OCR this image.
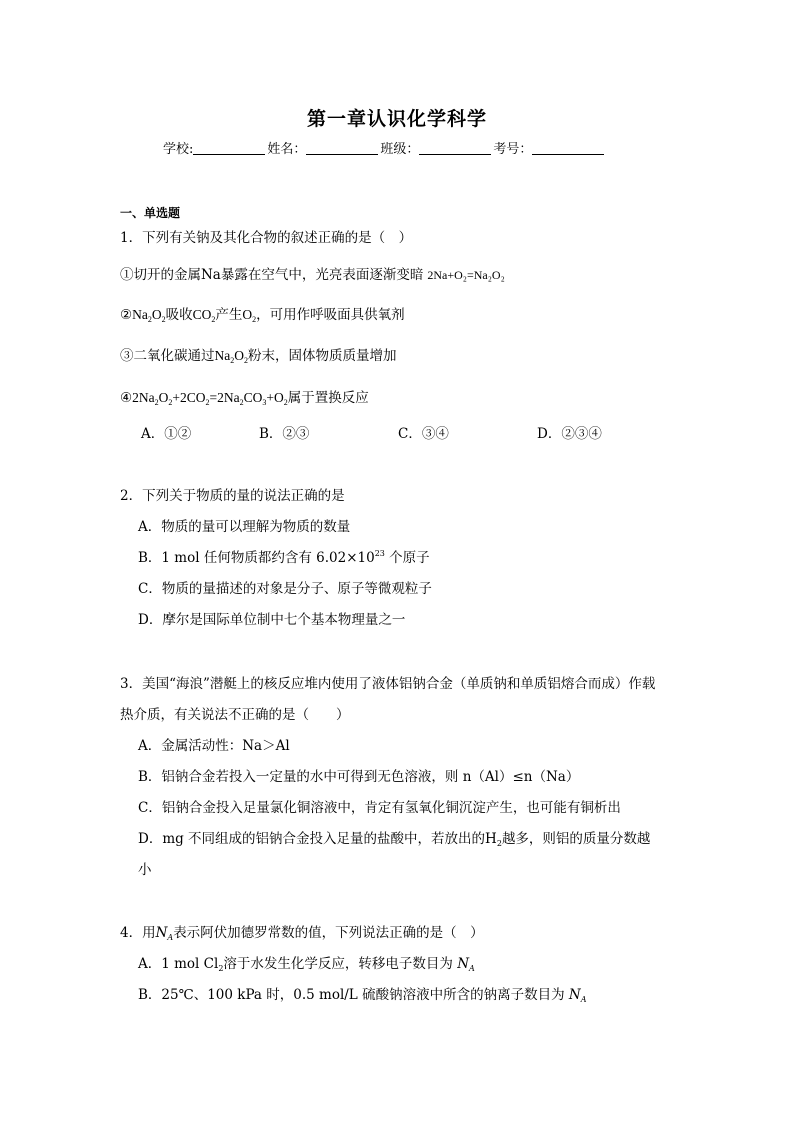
第一章认识化学科学
学校:	姓名：	班级：	考号：
一、单选题
1．下列有关钠及其化合物的叙述正确的是（　）
①切开的金属Na暴露在空气中，光亮表面逐渐变暗 2Na+O₂=Na₂O₂
$②Na_2O_2$吸收$CO_2$产生$O_2$，可用作呼吸面具供氧剂
③二氧化碳通过$Na_2O_2$粉末，固体物质质量增加
$④2Na_2O_2+2CO_2=2Na_2CO_3+O_2$属于置换反应
A．①②	B．②③	C．③④	D．②③④
2．下列关于物质的量的说法正确的是
A．物质的量可以理解为物质的数量
B．1 mol 任何物质都约含有 $6.02\times 10^{23}$ 个原子
C．物质的量描述的对象是分子、原子等微观粒子
D．摩尔是国际单位制中七个基本物理量之一
3．美国“海浪”潜艇上的核反应堆内使用了液体铝钠合金（单质钠和单质铝熔合而成）作载
热介质，有关说法不正确的是（　　）
A．金属活动性：Na＞Al
B．铝钠合金若投入一定量的水中可得到无色溶液，则 n（Al）≤n（Na）
C．铝钠合金投入足量氯化铜溶液中，肯定有氢氧化铜沉淀产生，也可能有铜析出
D．mg 不同组成的铝钠合金投入足量的盐酸中，若放出的$H_2$越多，则铝的质量分数越
小
4．用$N_A$表示阿伏加德罗常数的值，下列说法正确的是（　）
A．1 mol $Cl_2$溶于水发生化学反应，转移电子数目为 $N_A$
B．25℃、100 kPa 时，0.5 mol/L 硫酸钠溶液中所含的钠离子数目为 $N_A$
